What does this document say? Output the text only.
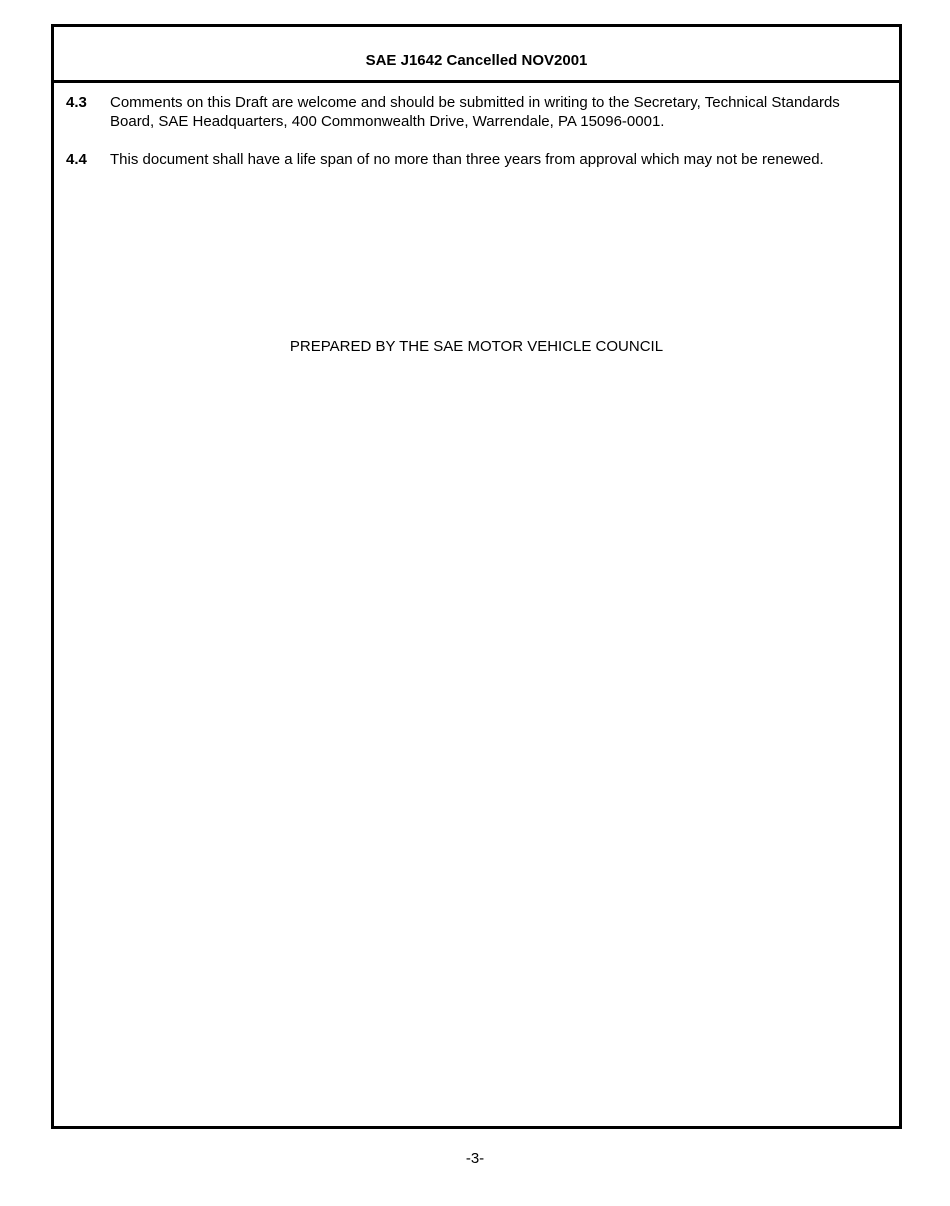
SAE J1642 Cancelled NOV2001
4.3	Comments on this Draft are welcome and should be submitted in writing to the Secretary, Technical Standards Board, SAE Headquarters, 400 Commonwealth Drive, Warrendale, PA 15096-0001.
4.4	This document shall have a life span of no more than three years from approval which may not be renewed.
PREPARED BY THE SAE MOTOR VEHICLE COUNCIL
-3-
